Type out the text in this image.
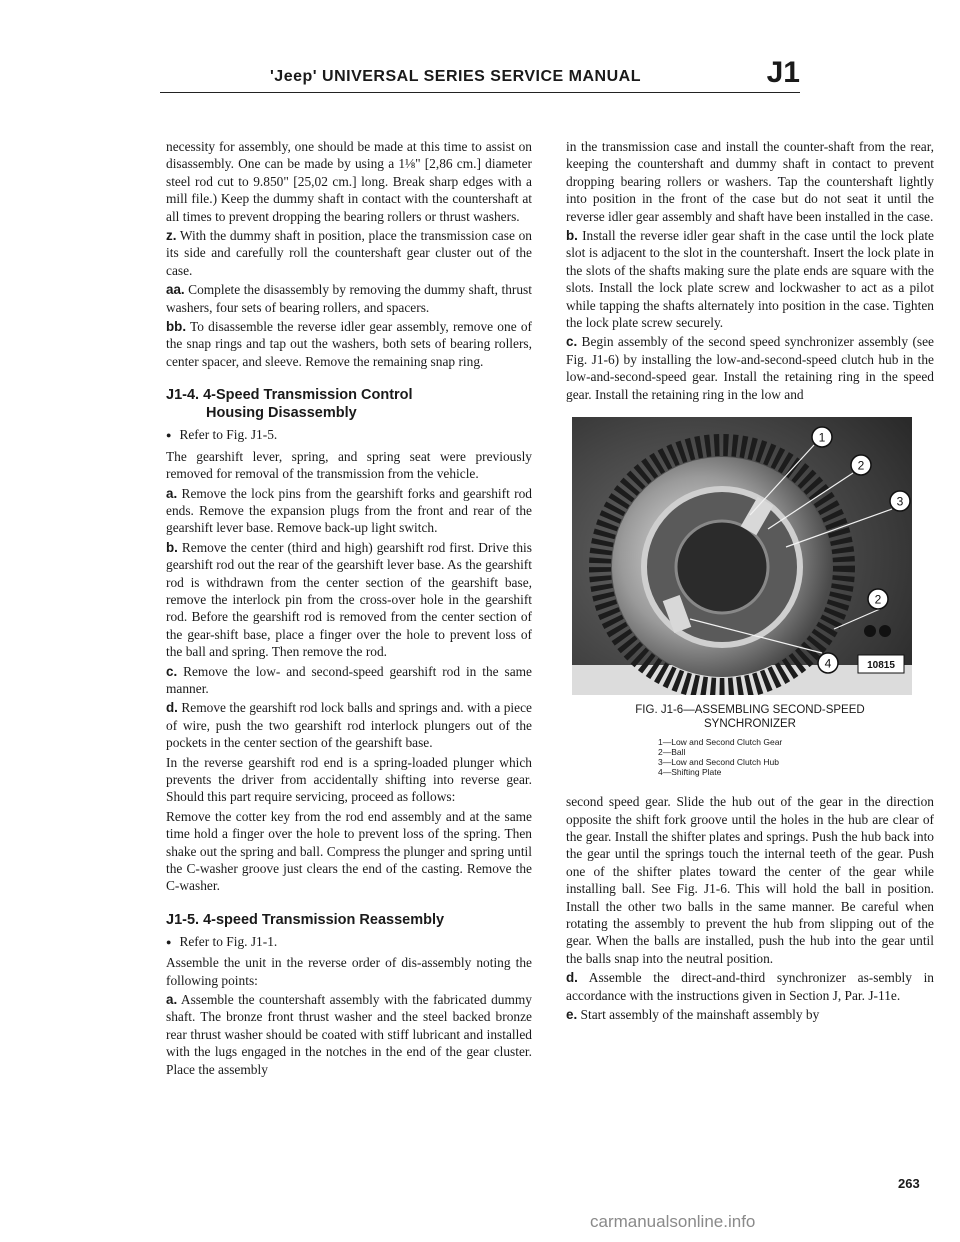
'Jeep' UNIVERSAL SERIES SERVICE MANUAL	J1

necessity for assembly, one should be made at this time to assist on disassembly. One can be made by using a 1⅛" [2,86 cm.] diameter steel rod cut to 9.850" [25,02 cm.] long. Break sharp edges with a mill file.) Keep the dummy shaft in contact with the countershaft at all times to prevent dropping the bearing rollers or thrust washers.

z. With the dummy shaft in position, place the transmission case on its side and carefully roll the countershaft gear cluster out of the case.

aa. Complete the disassembly by removing the dummy shaft, thrust washers, four sets of bearing rollers, and spacers.

bb. To disassemble the reverse idler gear assembly, remove one of the snap rings and tap out the washers, both sets of bearing rollers, center spacer, and sleeve. Remove the remaining snap ring.

J1-4. 4-Speed Transmission Control
Housing Disassembly

● Refer to Fig. J1-5.

The gearshift lever, spring, and spring seat were previously removed for removal of the transmission from the vehicle.

a. Remove the lock pins from the gearshift forks and gearshift rod ends. Remove the expansion plugs from the front and rear of the gearshift lever base. Remove back-up light switch.

b. Remove the center (third and high) gearshift rod first. Drive this gearshift rod out the rear of the gearshift lever base. As the gearshift rod is withdrawn from the center section of the gearshift base, remove the interlock pin from the cross-over hole in the gearshift rod. Before the gearshift rod is removed from the center section of the gear-shift base, place a finger over the hole to prevent loss of the ball and spring. Then remove the rod.

c. Remove the low- and second-speed gearshift rod in the same manner.

d. Remove the gearshift rod lock balls and springs and. with a piece of wire, push the two gearshift rod interlock plungers out of the pockets in the center section of the gearshift base.

In the reverse gearshift rod end is a spring-loaded plunger which prevents the driver from accidentally shifting into reverse gear. Should this part require servicing, proceed as follows:

Remove the cotter key from the rod end assembly and at the same time hold a finger over the hole to prevent loss of the spring. Then shake out the spring and ball. Compress the plunger and spring until the C-washer groove just clears the end of the casting. Remove the C-washer.

J1-5. 4-speed Transmission Reassembly

● Refer to Fig. J1-1.

Assemble the unit in the reverse order of dis-assembly noting the following points:

a. Assemble the countershaft assembly with the fabricated dummy shaft. The bronze front thrust washer and the steel backed bronze rear thrust washer should be coated with stiff lubricant and installed with the lugs engaged in the notches in the end of the gear cluster. Place the assembly

in the transmission case and install the counter-shaft from the rear, keeping the countershaft and dummy shaft in contact to prevent dropping bearing rollers or washers. Tap the countershaft lightly into position in the front of the case but do not seat it until the reverse idler gear assembly and shaft have been installed in the case.

b. Install the reverse idler gear shaft in the case until the lock plate slot is adjacent to the slot in the countershaft. Insert the lock plate in the slots of the shafts making sure the plate ends are square with the slots. Install the lock plate screw and lockwasher to act as a pilot while tapping the shafts alternately into position in the case. Tighten the lock plate screw securely.

c. Begin assembly of the second speed synchronizer assembly (see Fig. J1-6) by installing the low-and-second-speed clutch hub in the low-and-second-speed gear. Install the retaining ring in the speed gear. Install the retaining ring in the low and

1
2
3
2
4	10815
FIG. J1-6—ASSEMBLING SECOND-SPEED
SYNCHRONIZER
1—Low and Second Clutch Gear
2—Ball
3—Low and Second Clutch Hub
4—Shifting Plate

second speed gear. Slide the hub out of the gear in the direction opposite the shift fork groove until the holes in the hub are clear of the gear. Install the shifter plates and springs. Push the hub back into the gear until the springs touch the internal teeth of the gear. Push one of the shifter plates toward the center of the gear while installing ball. See Fig. J1-6. This will hold the ball in position. Install the other two balls in the same manner. Be careful when rotating the assembly to prevent the hub from slipping out of the gear. When the balls are installed, push the hub into the gear until the balls snap into the neutral position.

d. Assemble the direct-and-third synchronizer as-sembly in accordance with the instructions given in Section J, Par. J-11e.

e. Start assembly of the mainshaft assembly by

263
carmanualsonline.info
